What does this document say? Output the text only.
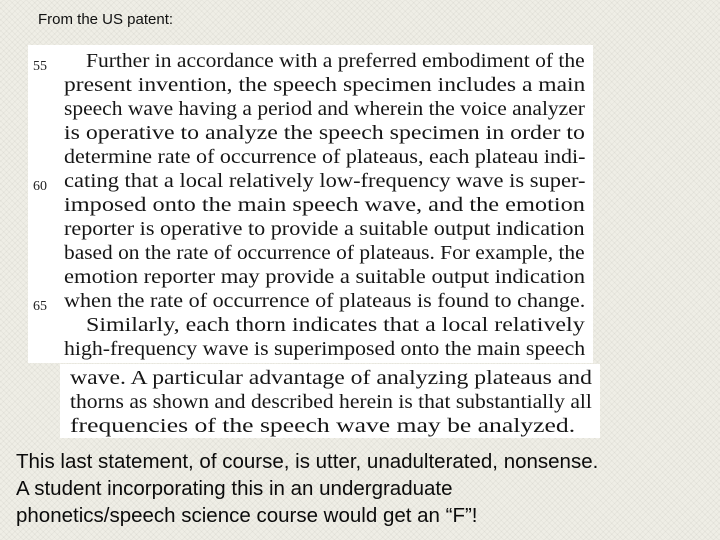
From the US patent:
55
60
65
Further in accordance with a preferred embodiment of the
present invention, the speech specimen includes a main
speech wave having a period and wherein the voice analyzer
is operative to analyze the speech specimen in order to
determine rate of occurrence of plateaus, each plateau indi-
cating that a local relatively low-frequency wave is super-
imposed onto the main speech wave, and the emotion
reporter is operative to provide a suitable output indication
based on the rate of occurrence of plateaus. For example, the
emotion reporter may provide a suitable output indication
when the rate of occurrence of plateaus is found to change.
Similarly, each thorn indicates that a local relatively
high-frequency wave is superimposed onto the main speech
wave. A particular advantage of analyzing plateaus and
thorns as shown and described herein is that substantially all
frequencies of the speech wave may be analyzed.
This last statement, of course, is utter, unadulterated, nonsense.
A student incorporating this in an undergraduate
phonetics/speech science course would get an “F”!
